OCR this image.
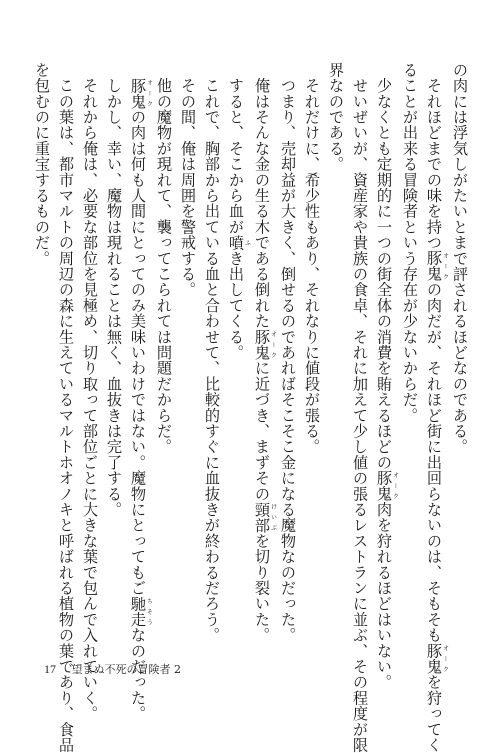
の肉には浮気しがたいとまで評されるほどなのである。
　それほどまでの味を持つ豚鬼オークの肉だが、それほど街に出回らないのは、そもそも豚鬼オークを狩ってく
ることが出来る冒険者という存在が少ないからだ。
　少なくとも定期的に一つの街全体の消費を賄えるほどの豚鬼オーク肉を狩れるほどはいない。
　せいぜいが、資産家や貴族の食卓、それに加えて少し値の張るレストランに並ぶ、その程度が限
界なのである。
　それだけに、希少性もあり、それなりに値段が張る。
　つまり、売却益が大きく、倒せるのであればそこそこ金になる魔物なのだった。
　俺はそんな金の生る木である倒れた豚鬼オークに近づき、まずその頸部けいぶを切り裂いた。
　すると、そこから血が噴ふき出してくる。
　これで、胸部から出ている血と合わせて、比較的すぐに血抜きが終わるだろう。
　その間、俺は周囲を警戒する。
　他の魔物が現れて、襲ってこられては問題だからだ。
　豚鬼オークの肉は何も人間にとってのみ美味いわけではない。魔物にとってもご馳走ちそうなのだった。
　しかし、幸い、魔物は現れることは無く、血抜きは完了する。
　それから俺は、必要な部位を見極め、切り取って部位ごとに大きな葉で包んで入れていく。
　この葉は、都市マルトの周辺の森に生えているマルトホオノキと呼ばれる植物の葉であり、食品
を包むのに重宝するものだ。
17 望まぬ不死の冒険者 2
